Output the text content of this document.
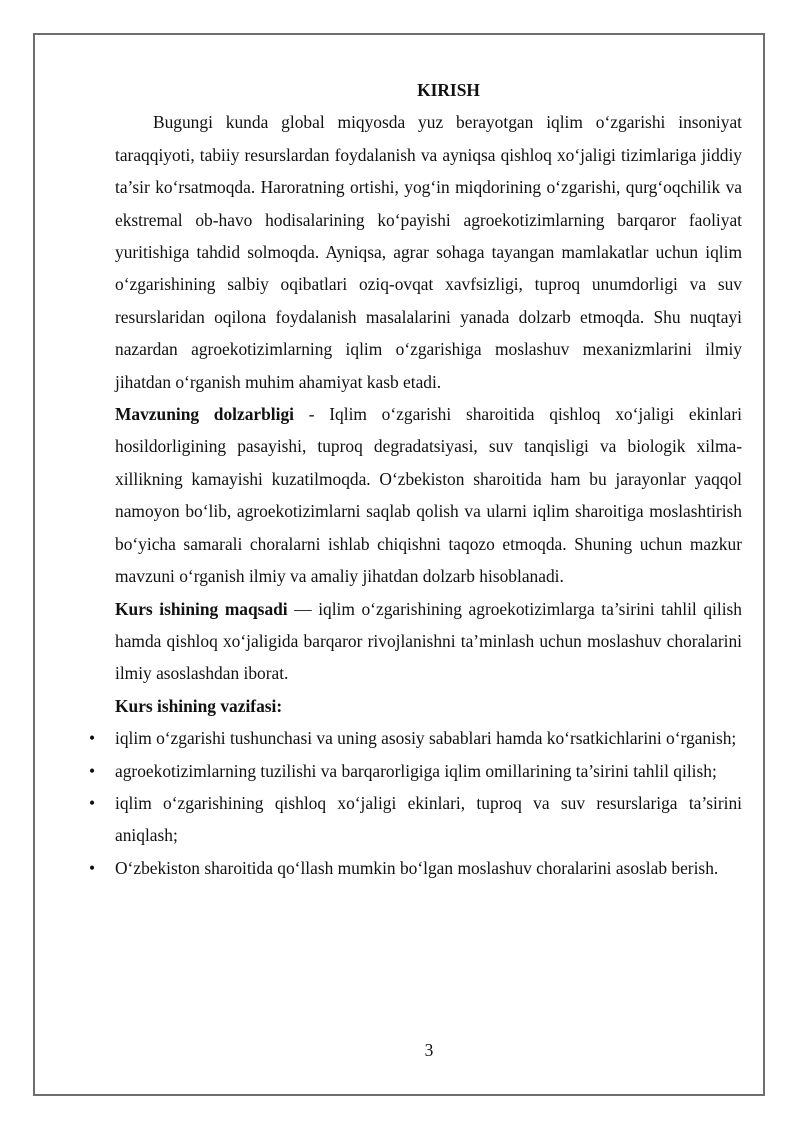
KIRISH

Bugungi kunda global miqyosda yuz berayotgan iqlim o‘zgarishi insoniyat taraqqiyoti, tabiiy resurslardan foydalanish va ayniqsa qishloq xo‘jaligi tizimlariga jiddiy ta’sir ko‘rsatmoqda. Haroratning ortishi, yog‘in miqdorining o‘zgarishi, qurg‘oqchilik va ekstremal ob-havo hodisalarining ko‘payishi agroekotizimlarning barqaror faoliyat yuritishiga tahdid solmoqda. Ayniqsa, agrar sohaga tayangan mamlakatlar uchun iqlim o‘zgarishining salbiy oqibatlari oziq-ovqat xavfsizligi, tuproq unumdorligi va suv resurslaridan oqilona foydalanish masalalarini yanada dolzarb etmoqda. Shu nuqtayi nazardan agroekotizimlarning iqlim o‘zgarishiga moslashuv mexanizmlarini ilmiy jihatdan o‘rganish muhim ahamiyat kasb etadi.

Mavzuning dolzarbligi - Iqlim o‘zgarishi sharoitida qishloq xo‘jaligi ekinlari hosildorligining pasayishi, tuproq degradatsiyasi, suv tanqisligi va biologik xilma-xillikning kamayishi kuzatilmoqda. O‘zbekiston sharoitida ham bu jarayonlar yaqqol namoyon bo‘lib, agroekotizimlarni saqlab qolish va ularni iqlim sharoitiga moslashtirish bo‘yicha samarali choralarni ishlab chiqishni taqozo etmoqda. Shuning uchun mazkur mavzuni o‘rganish ilmiy va amaliy jihatdan dolzarb hisoblanadi.

Kurs ishining maqsadi — iqlim o‘zgarishining agroekotizimlarga ta’sirini tahlil qilish hamda qishloq xo‘jaligida barqaror rivojlanishni ta’minlash uchun moslashuv choralarini ilmiy asoslashdan iborat.

Kurs ishining vazifasi:

• iqlim o‘zgarishi tushunchasi va uning asosiy sabablari hamda ko‘rsatkichlarini o‘rganish;
• agroekotizimlarning tuzilishi va barqarorligiga iqlim omillarining ta’sirini tahlil qilish;
• iqlim o‘zgarishining qishloq xo‘jaligi ekinlari, tuproq va suv resurslariga ta’sirini aniqlash;
• O‘zbekiston sharoitida qo‘llash mumkin bo‘lgan moslashuv choralarini asoslab berish.
3
